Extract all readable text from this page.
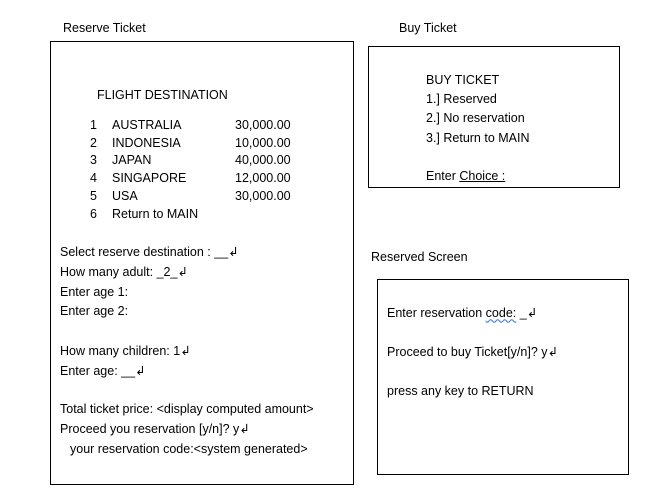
Reserve Ticket
FLIGHT DESTINATION
1 AUSTRALIA	30,000.00
2 INDONESIA	10,000.00
3 JAPAN	40,000.00
4 SINGAPORE	12,000.00
5 USA	30,000.00
6 Return to MAIN
Select reserve destination : __↲
How many adult: _2_↲
Enter age 1:
Enter age 2:
How many children: 1↲
Enter age: __↲
Total ticket price: <display computed amount>
Proceed you reservation [y/n]? y↲
your reservation code:<system generated>
Buy Ticket
BUY TICKET
1.] Reserved
2.] No reservation
3.] Return to MAIN
Enter Choice :
Reserved Screen
Enter reservation code: _↲
Proceed to buy Ticket[y/n]? y↲
press any key to RETURN
